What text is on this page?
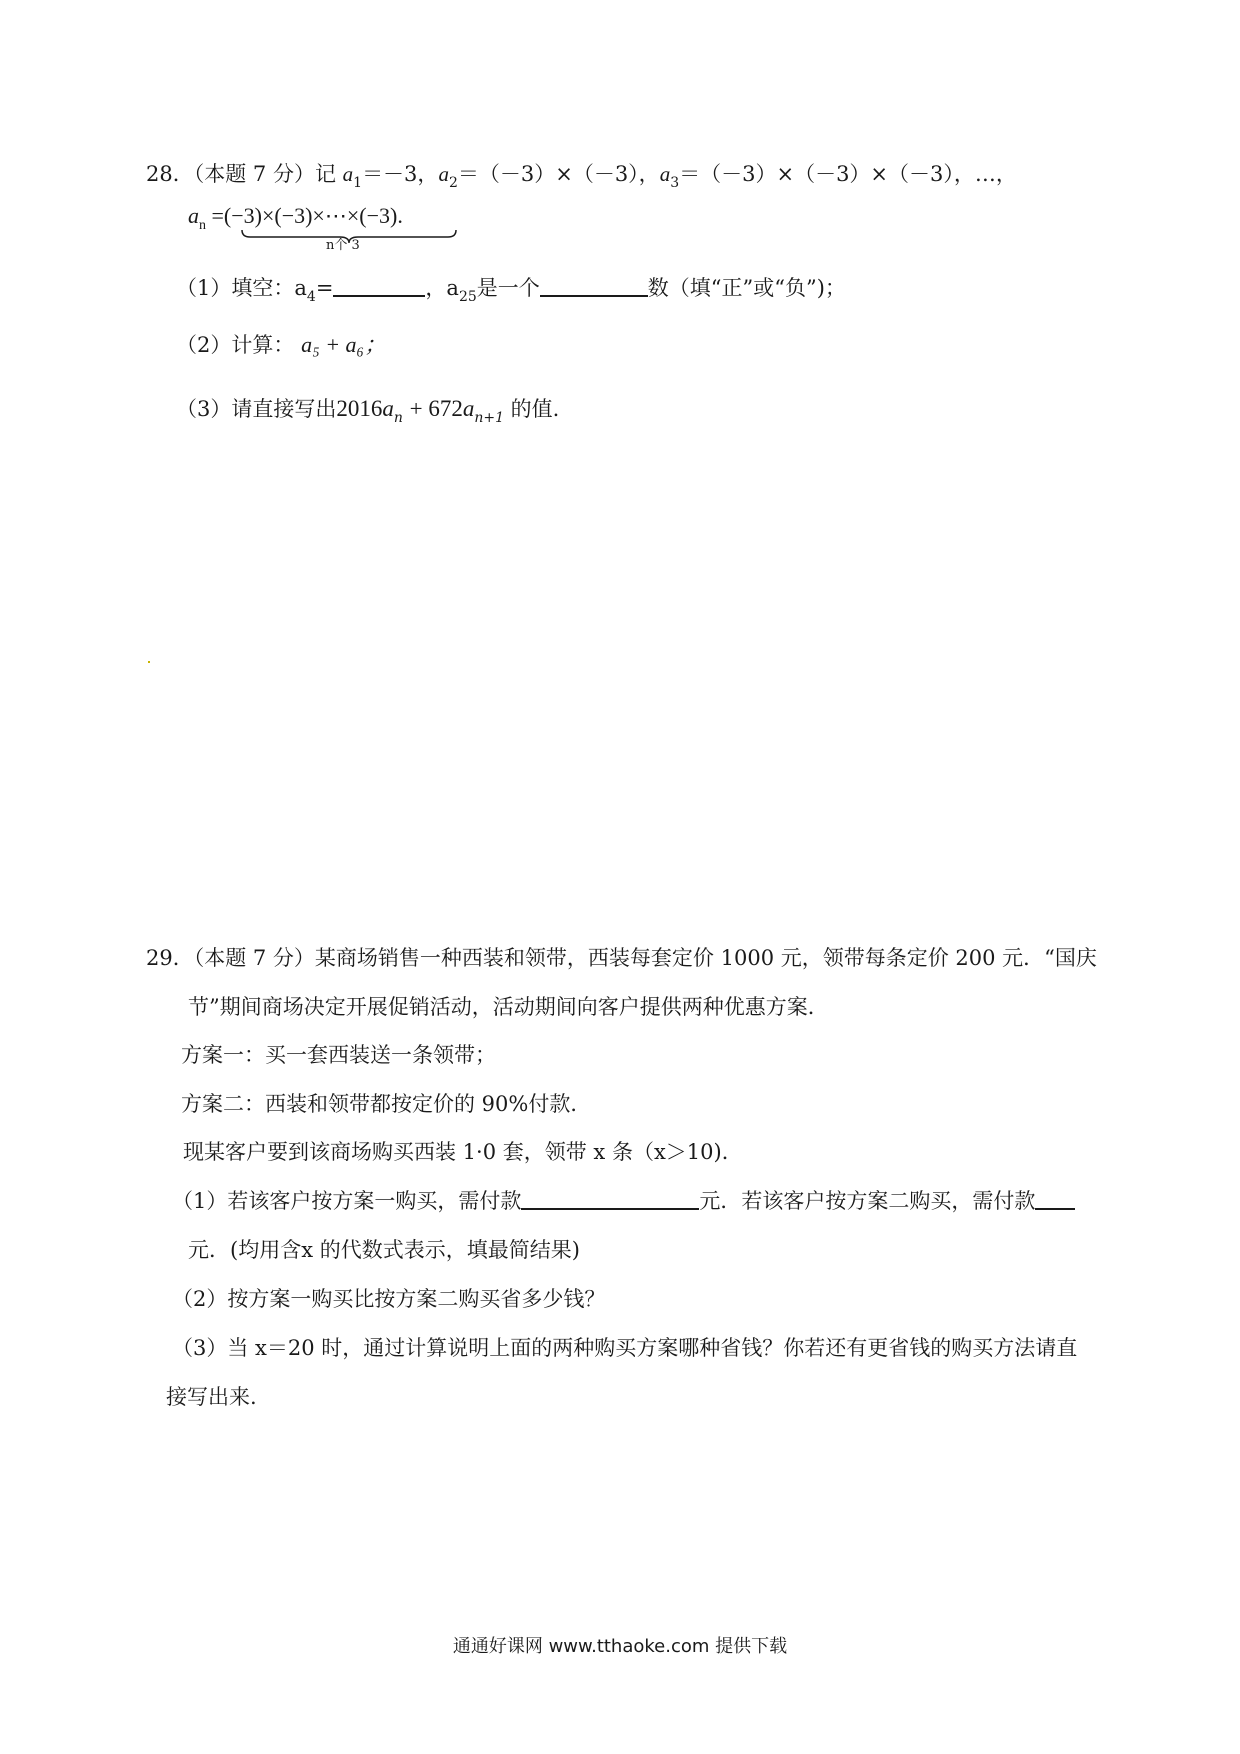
28．（本题 7 分）记 $a_1=-3$，$a_2=(-3)\times(-3)$，$a_3=(-3)\times(-3)\times(-3)$，…，
$a_n$ =(−3)×(−3)×⋯×(−3).
n个 3
（1）填空：$a_4=$	，$a_{25}$是一个	数（填“正”或“负”)；
（2）计算： a₅ + a₆；
（3）请直接写出$2016a_n + 672a_{n+1}$ 的值.
29．（本题 7 分）某商场销售一种西装和领带，西装每套定价 1000 元，领带每条定价 200 元．“国庆
节”期间商场决定开展促销活动，活动期间向客户提供两种优惠方案．
方案一：买一套西装送一条领带；
方案二：西装和领带都按定价的 90%付款．
现某客户要到该商场购买西装 1·0 套，领带 x 条（x＞10)．
（1）若该客户按方案一购买，需付款	元．若该客户按方案二购买，需付款
元．(均用含x 的代数式表示，填最简结果)
（2）按方案一购买比按方案二购买省多少钱？
（3）当 x＝20 时，通过计算说明上面的两种购买方案哪种省钱？你若还有更省钱的购买方法请直
接写出来.
通通好课网 www.tthaoke.com 提供下载
